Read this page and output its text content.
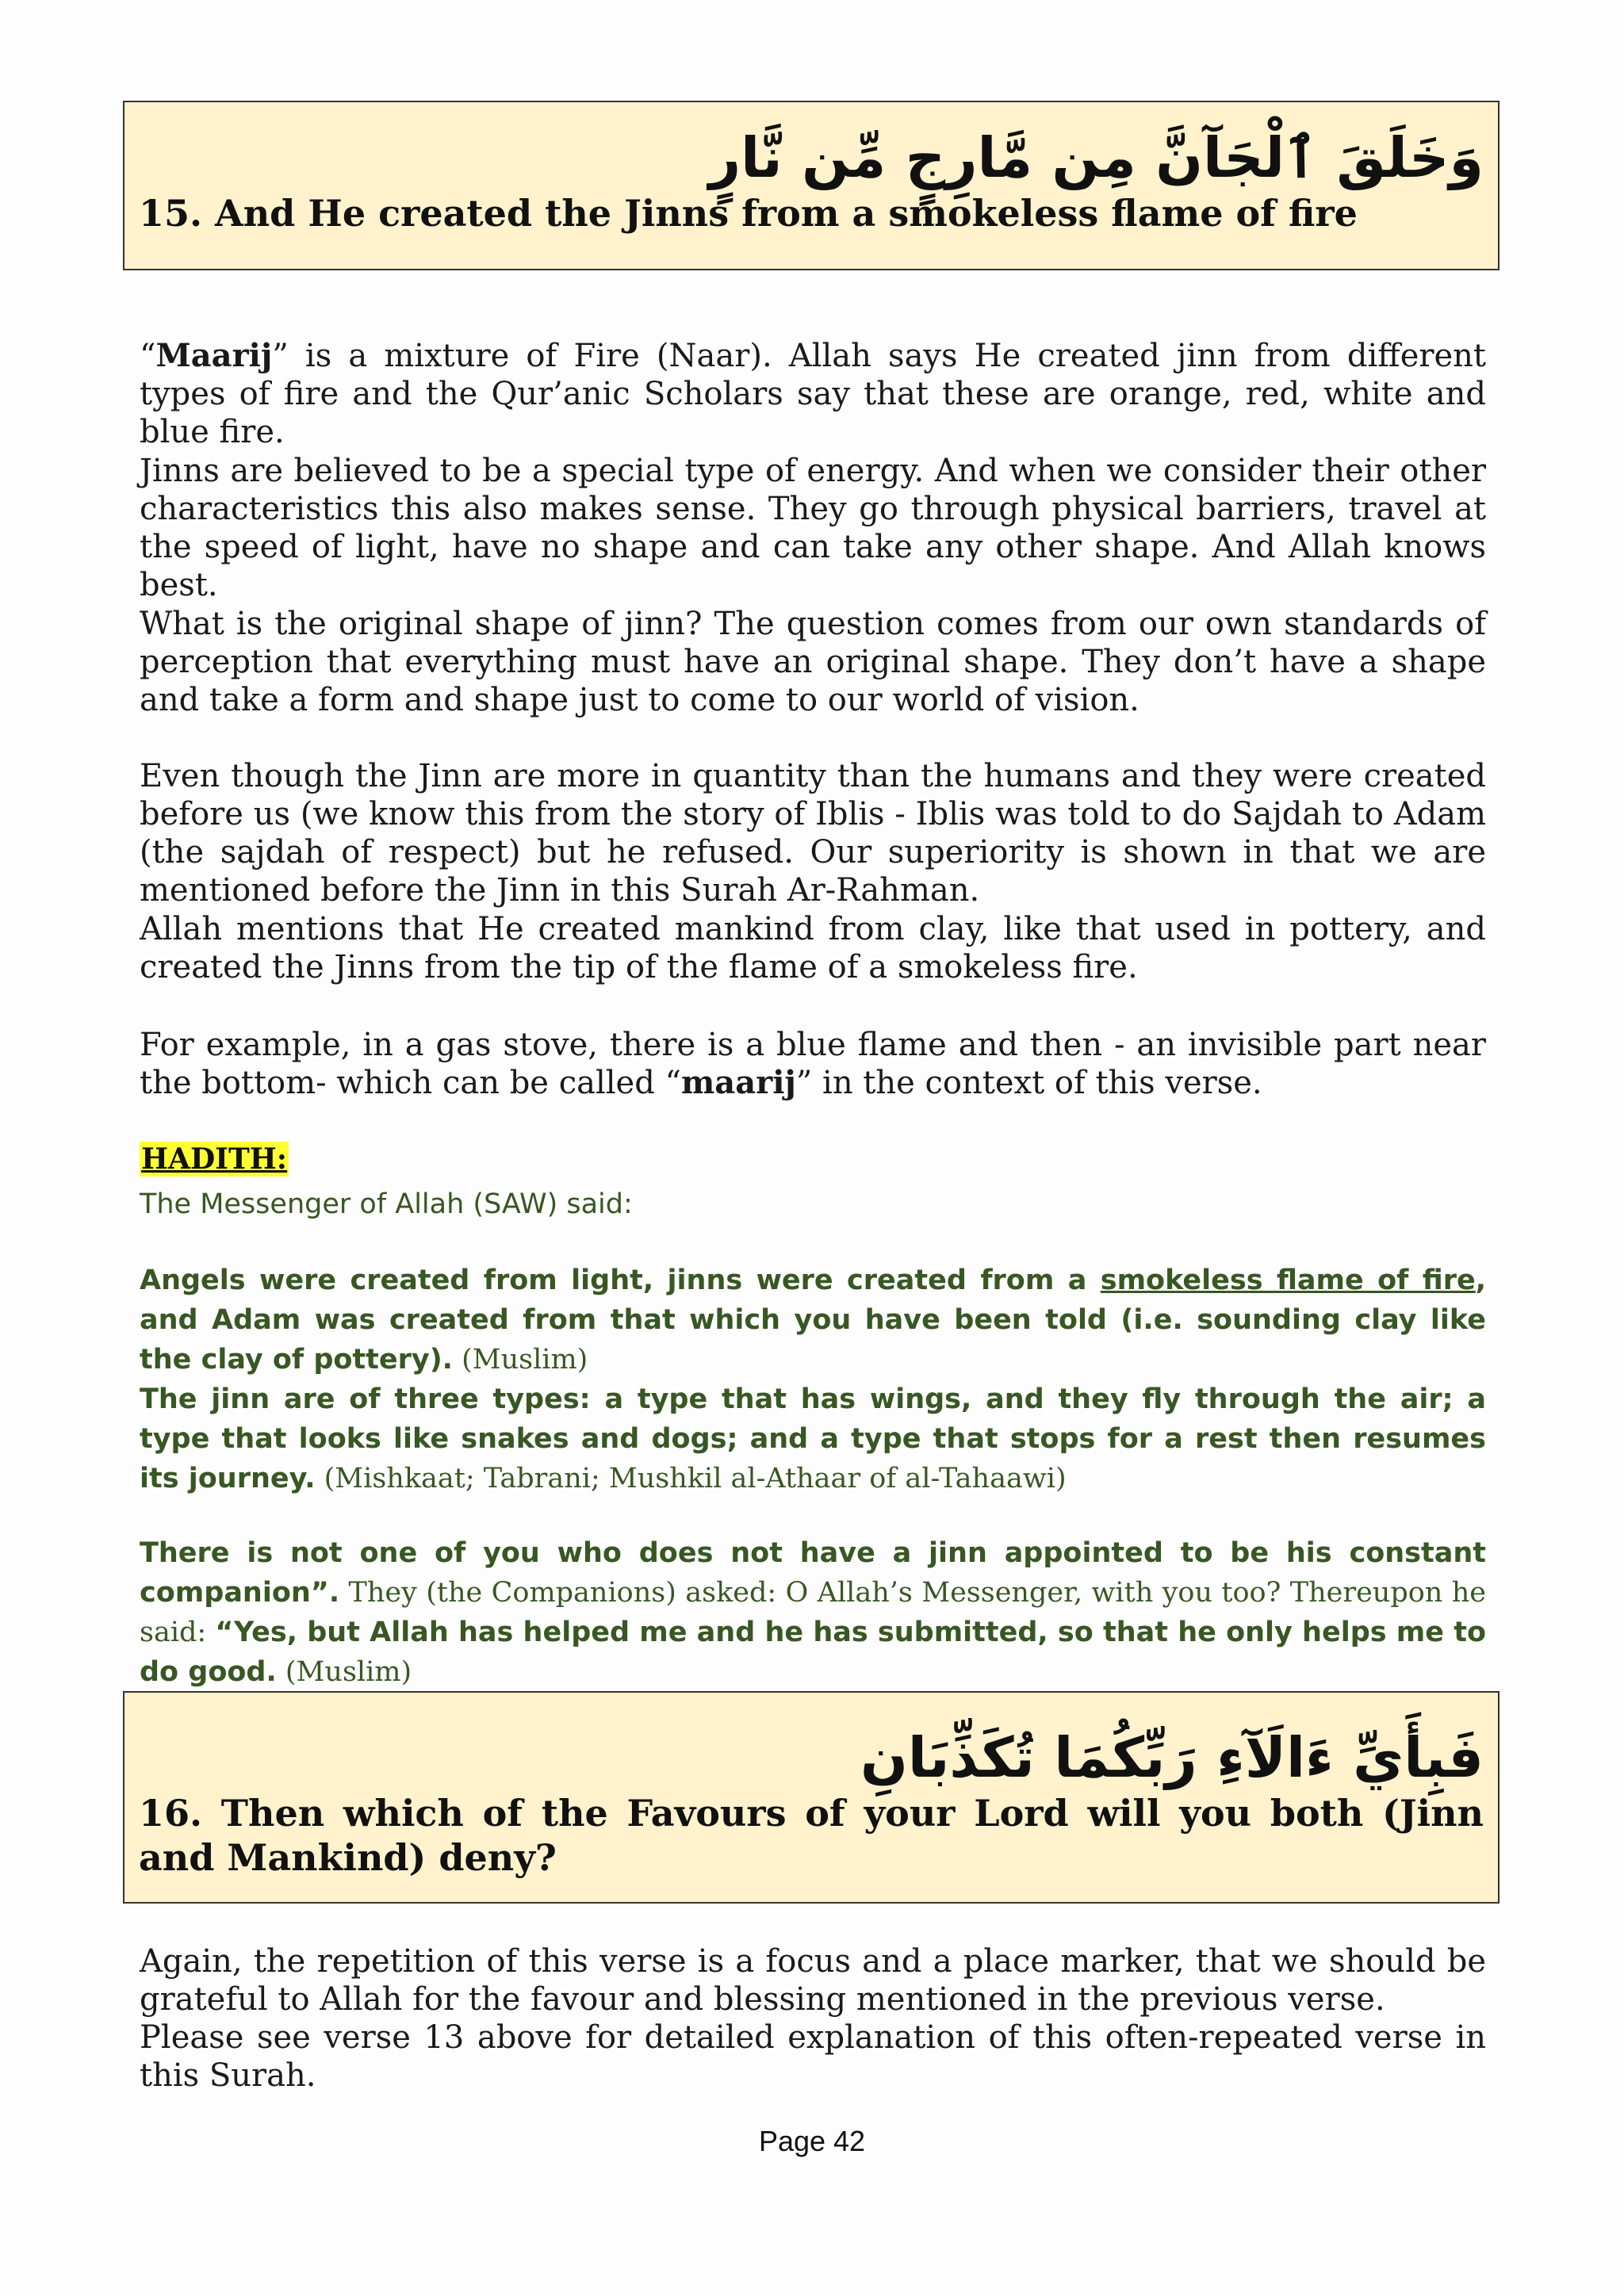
وَخَلَقَ ٱلْجَآنَّ مِن مَّارِجٍ مِّن نَّارٍ
15. And He created the Jinns from a smokeless flame of fire

“Maarij” is a mixture of Fire (Naar). Allah says He created jinn from different types of fire and the Qur’anic Scholars say that these are orange, red, white and blue fire.

Jinns are believed to be a special type of energy. And when we consider their other characteristics this also makes sense. They go through physical barriers, travel at the speed of light, have no shape and can take any other shape. And Allah knows best.

What is the original shape of jinn? The question comes from our own standards of perception that everything must have an original shape. They don’t have a shape and take a form and shape just to come to our world of vision.

Even though the Jinn are more in quantity than the humans and they were created before us (we know this from the story of Iblis - Iblis was told to do Sajdah to Adam (the sajdah of respect) but he refused. Our superiority is shown in that we are mentioned before the Jinn in this Surah Ar-Rahman.

Allah mentions that He created mankind from clay, like that used in pottery, and created the Jinns from the tip of the flame of a smokeless fire.

For example, in a gas stove, there is a blue flame and then - an invisible part near the bottom- which can be called “maarij” in the context of this verse.

HADITH:

The Messenger of Allah (SAW) said:

Angels were created from light, jinns were created from a smokeless flame of fire, and Adam was created from that which you have been told (i.e. sounding clay like the clay of pottery). (Muslim)

The jinn are of three types: a type that has wings, and they fly through the air; a type that looks like snakes and dogs; and a type that stops for a rest then resumes its journey. (Mishkaat; Tabrani; Mushkil al-Athaar of al-Tahaawi)

There is not one of you who does not have a jinn appointed to be his constant companion”. They (the Companions) asked: O Allah’s Messenger, with you too? Thereupon he said: “Yes, but Allah has helped me and he has submitted, so that he only helps me to do good. (Muslim)

فَبِأَيِّ ءَالَآءِ رَبِّكُمَا تُكَذِّبَانِ
16. Then which of the Favours of your Lord will you both (Jinn and Mankind) deny?

Again, the repetition of this verse is a focus and a place marker, that we should be grateful to Allah for the favour and blessing mentioned in the previous verse.
Please see verse 13 above for detailed explanation of this often-repeated verse in this Surah.

Page 42
